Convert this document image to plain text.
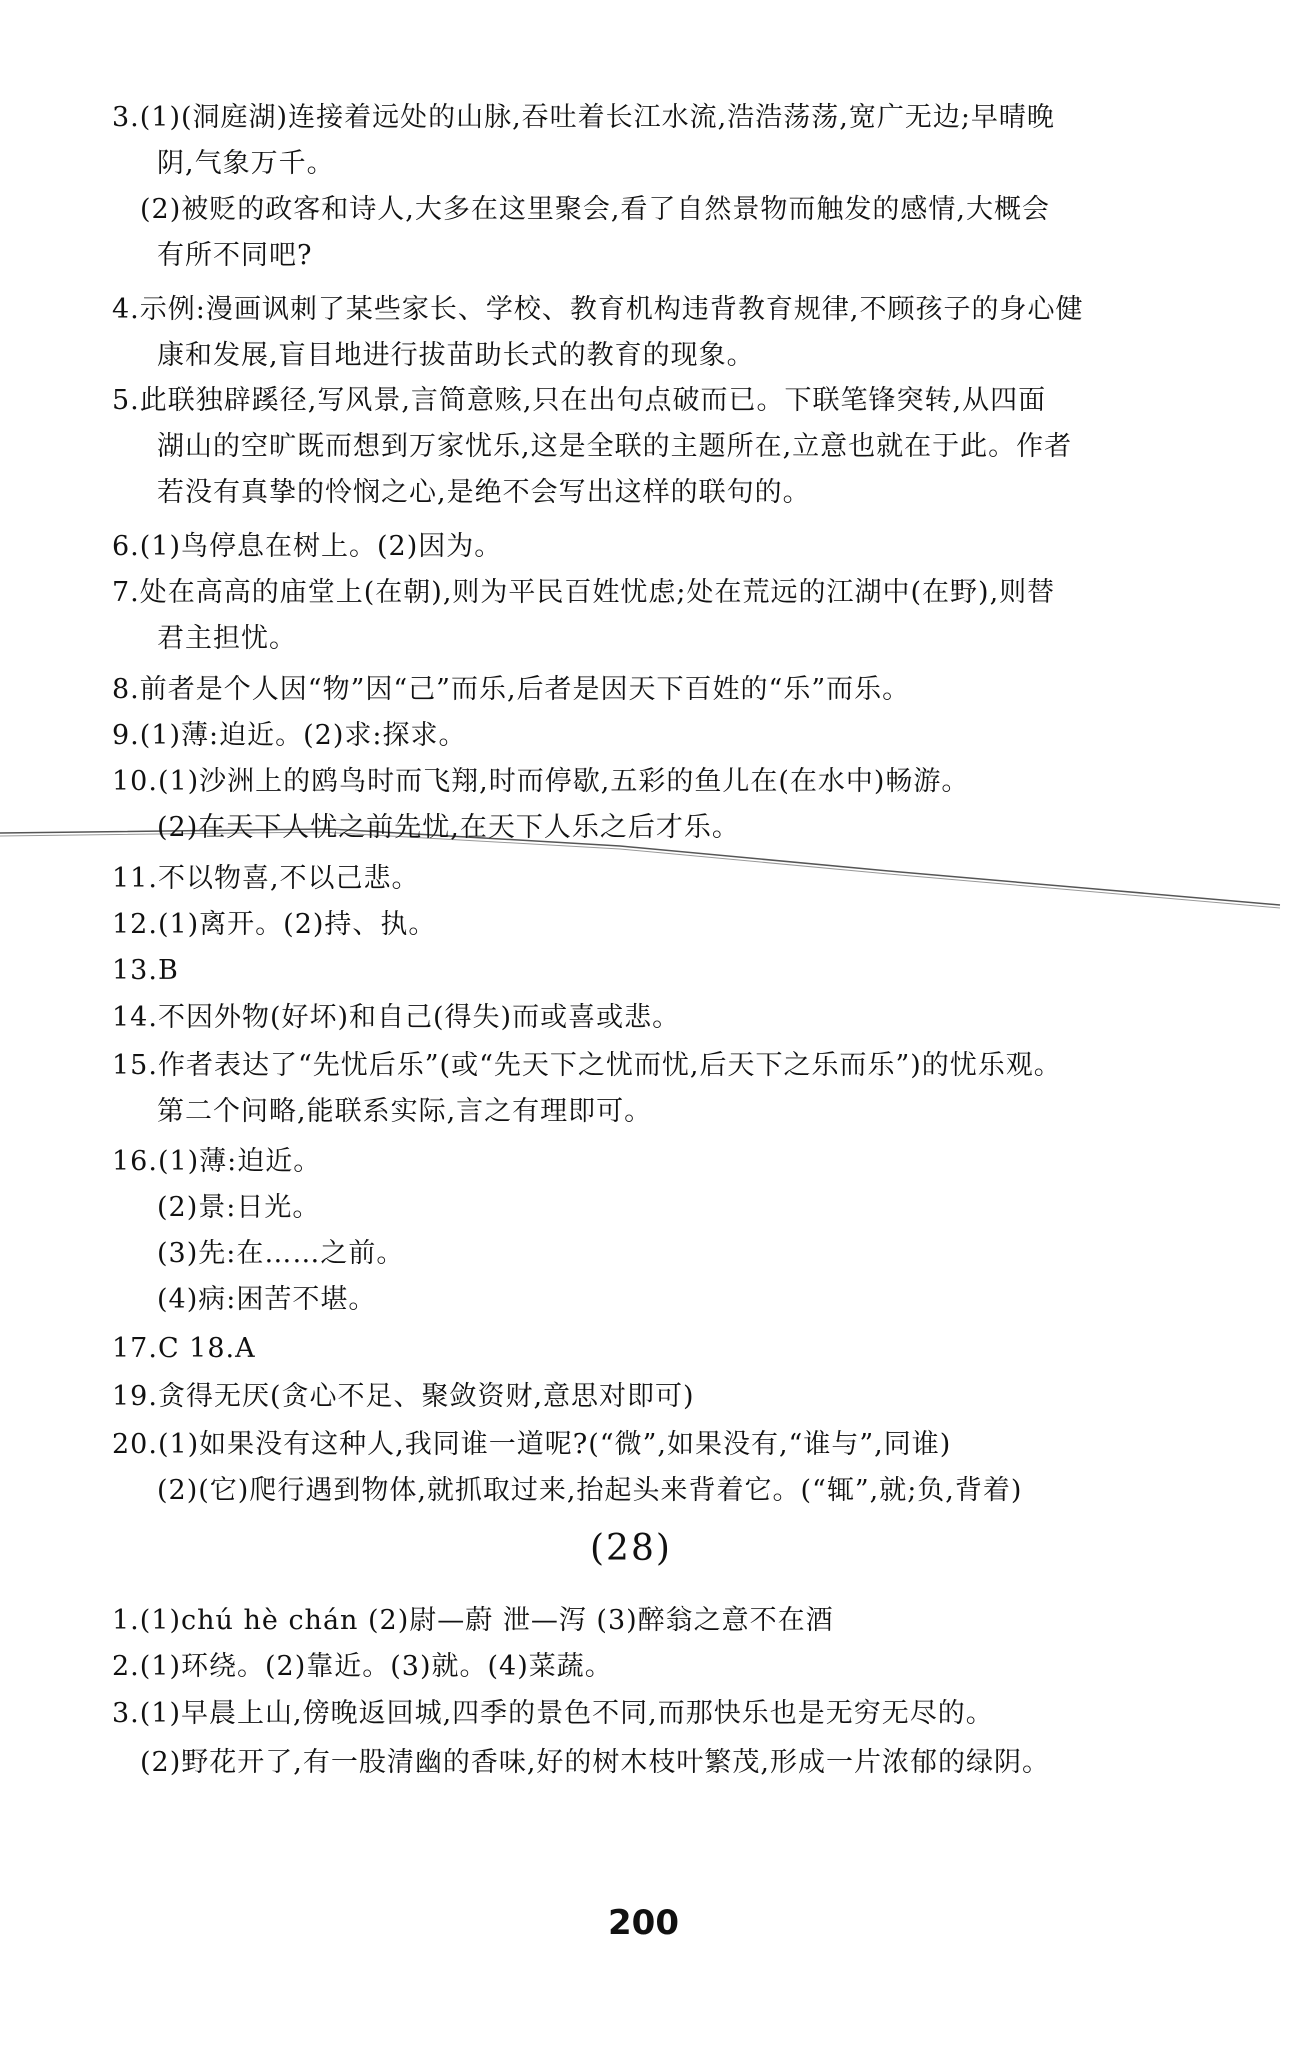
3.(1)(洞庭湖)连接着远处的山脉,吞吐着长江水流,浩浩荡荡,宽广无边;早晴晚
阴,气象万千。
(2)被贬的政客和诗人,大多在这里聚会,看了自然景物而触发的感情,大概会
有所不同吧?
4.示例:漫画讽刺了某些家长、学校、教育机构违背教育规律,不顾孩子的身心健
康和发展,盲目地进行拔苗助长式的教育的现象。
5.此联独辟蹊径,写风景,言简意赅,只在出句点破而已。下联笔锋突转,从四面
湖山的空旷既而想到万家忧乐,这是全联的主题所在,立意也就在于此。作者
若没有真挚的怜悯之心,是绝不会写出这样的联句的。
6.(1)鸟停息在树上。(2)因为。
7.处在高高的庙堂上(在朝),则为平民百姓忧虑;处在荒远的江湖中(在野),则替
君主担忧。
8.前者是个人因“物”因“己”而乐,后者是因天下百姓的“乐”而乐。
9.(1)薄:迫近。(2)求:探求。
10.(1)沙洲上的鸥鸟时而飞翔,时而停歇,五彩的鱼儿在(在水中)畅游。
(2)在天下人忧之前先忧,在天下人乐之后才乐。
11.不以物喜,不以己悲。
12.(1)离开。(2)持、执。
13.B
14.不因外物(好坏)和自己(得失)而或喜或悲。
15.作者表达了“先忧后乐”(或“先天下之忧而忧,后天下之乐而乐”)的忧乐观。
第二个问略,能联系实际,言之有理即可。
16.(1)薄:迫近。
(2)景:日光。
(3)先:在……之前。
(4)病:困苦不堪。
17.C 18.A
19.贪得无厌(贪心不足、聚敛资财,意思对即可)
20.(1)如果没有这种人,我同谁一道呢?(“微”,如果没有,“谁与”,同谁)
(2)(它)爬行遇到物体,就抓取过来,抬起头来背着它。(“辄”,就;负,背着)
(28)
1.(1)chú hè chán (2)尉—蔚 泄—泻 (3)醉翁之意不在酒
2.(1)环绕。(2)靠近。(3)就。(4)菜蔬。
3.(1)早晨上山,傍晚返回城,四季的景色不同,而那快乐也是无穷无尽的。
(2)野花开了,有一股清幽的香味,好的树木枝叶繁茂,形成一片浓郁的绿阴。
200
